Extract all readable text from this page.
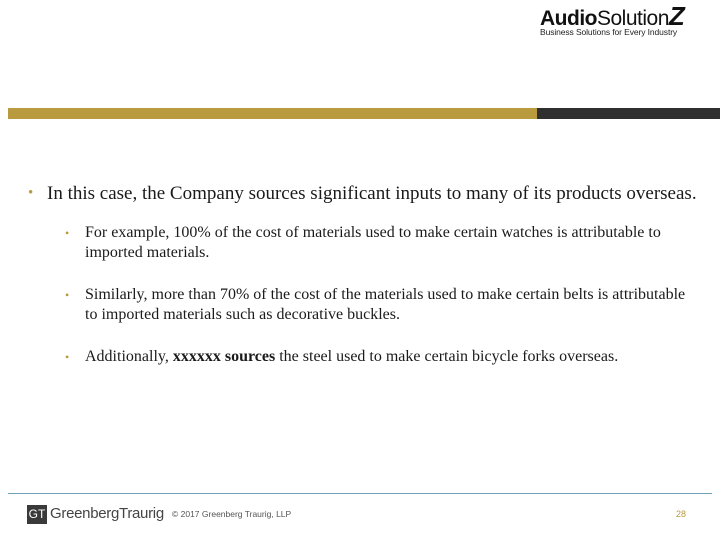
AudioSolutionZ
Business Solutions for Every Industry
• In this case, the Company sources significant inputs to many of its products overseas.
• For example, 100% of the cost of materials used to make certain watches is attributable to imported materials.
• Similarly, more than 70% of the cost of the materials used to make certain belts is attributable to imported materials such as decorative buckles.
• Additionally, xxxxxx sources the steel used to make certain bicycle forks overseas.
GT GreenbergTraurig © 2017 Greenberg Traurig, LLP	28
